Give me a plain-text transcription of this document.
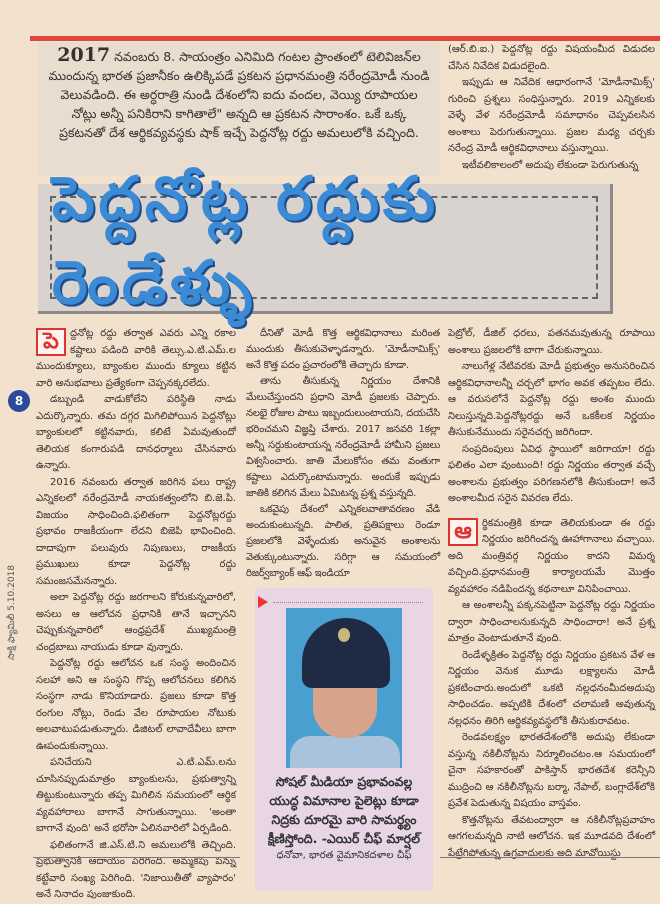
2017 నవంబరు 8. సాయంత్రం ఎనిమిది గంటల ప్రాంతంలో టెలివిజన్‌ల ముందున్న భారత ప్రజానీకం ఉలిక్కిపడే ప్రకటన ప్రధానమంత్రి నరేంద్రమోడీ నుండి వెలువడింది. ఈ అర్ధరాత్రి నుండి దేశంలోని ఐదు వందల, వెయ్యి రూపాయల నోట్లు అన్నీ పనికిరాని కాగితాలే" అన్నది ఆ ప్రకటన సారాంశం. ఒకే ఒక్క ప్రకటనతో దేశ ఆర్థికవ్యవస్థకు షాక్ ఇచ్చే పెద్దనోట్ల రద్దు అమలులోకి వచ్చింది.

(ఆర్.బి.ఐ.) పెద్దనోట్ల రద్దు విషయంమీద విడుదల చేసిన నివేదిక విడుదలైంది.

ఇప్పుడు ఆ నివేదిక ఆధారంగానే 'మోడీనామిక్స్' గురించి ప్రశ్నలు సంధిస్తున్నారు. 2019 ఎన్నికలకు వెళ్ళే వేళ నరేంద్రమోడీ సమాధానం చెప్పవలసిన అంశాలు పెరుగుతున్నాయి. ప్రజల మధ్య చర్చకు నరేంద్ర మోడీ ఆర్థికవిధానాలు వస్తున్నాయి.

ఇటీవలికాలంలో అదుపు లేకుండా పెరుగుతున్న

పెద్దనోట్ల రద్దుకు రెండేళ్ళు
సాక్షి ఫ్యామిలీ 5.10.2018
8

పె	ద్దనోట్ల రద్దు తర్వాత ఎవరు ఎన్ని రకాల కష్టాలు పడింది వారికి తెల్సు.ఎ.టి.ఎమ్.ల ముందుక్యూలు, బ్యాంకుల ముందు క్యూలు కట్టిన వారి అనుభవాలు ప్రత్యేకంగా చెప్పనక్కరలేదు.

డబ్బుండి వాడుకోలేని పరిస్థితి నాడు ఎదుర్కొన్నారు. తమ దగ్గర మిగిలిపోయిన పెద్దనోట్లు బ్యాంకులలో కట్టినవారు, కలిటే ఏమవుతుందో తెలియక కంగారుపడి దానధర్మాలు చేసినవారు ఉన్నారు.

2016 నవంబరు తర్వాత జరిగిన పలు రాష్ట్ర ఎన్నికలలో నరేంద్రమోడీ నాయకత్వంలోని బి.జె.పి. విజయం సాధించింది.ఫలితంగా పెద్దనోట్లరద్దు ప్రభావం రాజకీయంగా లేదని బిజెపి భావించింది. దాదాపుగా పలువురు నిపుణులు, రాజకీయ ప్రముఖులు కూడా పెద్దనోట్ల రద్దు సమంజసమేనన్నారు.

అలా పెద్దనోట్ల రద్దు జరగాలని కోరుకున్నవారిలో, అసలు ఆ ఆలోచన ప్రధానికి తానే ఇచ్చానని చెప్పుకున్నవారిలో ఆంధ్రప్రదేశ్ ముఖ్యమంత్రి చంద్రబాబు నాయుడు కూడా వున్నారు.

పెద్దనోట్ల రద్దు ఆలోచన ఒక సంస్థ అందించిన సలహా అని ఆ సంస్థని గొప్ప ఆలోచనలు కలిగిన సంస్థగా నాడు కొనియాడారు. ప్రజలు కూడా కొత్త రంగుల నోట్లు, రెండు వేల రూపాయల నోటుకు అలవాటుపడుతున్నారు. డిజిటల్ లావాదేవీలు బాగా ఊపందుకున్నాయి.

పనిచేయని ఎ.టి.ఎమ్.లను చూసినప్పుడుమాత్రం బ్యాంకులను, ప్రభుత్వాన్ని తిట్టుకుంటున్నారు తప్ప మిగిలిన సమయంలో ఆర్థిక వ్యవహారాలు బాగానే సాగుతున్నాయి. 'అంతా బాగానే వుంది' అనే భరోసా ఏలినవారిలో ఏర్పడింది.

ఫలితంగానే జి.ఎస్.టి.ని అమలులోకి తెచ్చింది. ప్రభుత్వానికి ఆదాయం పెరిగింది. అమ్మకపు పన్ను కట్టేవారి సంఖ్య పెరిగింది. 'నిజాయితీతో వ్యాపారం' అనే నినాదం పుంజుకుంది.

దీనితో మోడీ కొత్త ఆర్థికవిధానాలు మరింత ముందుకు తీసుకువెళ్ళాడన్నారు. 'మోడీనామిక్స్' అనే కొత్త పదం ప్రచారంలోకి తెచ్చారు కూడా.

తాను తీసుకున్న నిర్ణయం దేశానికి మేలుచేస్తుందని ప్రధాని మోడీ ప్రజలకు చెప్పారు. నలభై రోజుల పాటు ఇబ్బందులుంటాయని, దయచేసి భరించమని విజ్ఞప్తి చేశారు. 2017 జనవరి 1కల్లా అన్నీ సర్దుకుంటాయన్న నరేంద్రమోడీ హామీని ప్రజలు విశ్వసించారు. జాతి మేలుకోసం తమ వంతుగా కష్టాలు ఎదుర్కొంటామన్నారు. అందుకే ఇప్పుడు జాతికి కలిగిన మేలు ఏమిటన్న ప్రశ్న వస్తున్నది.

ఒకవైపు దేశంలో ఎన్నికలవాతావరణం వేడి అందుకుంటున్నది. పాలిత, ప్రతిపక్షాలు రెండూ ప్రజలలోకి వెళ్ళేందుకు అనువైన అంశాలను వెతుక్కుంటున్నారు. సరిగ్గా ఆ సమయంలో రిజర్వ్‌బ్యాంక్ ఆఫ్ ఇండియా

సోషల్ మీడియా ప్రభావంవల్ల యుద్ధ విమానాల పైలెట్లు కూడా నిద్రకు దూరమై వారి సామర్థ్యం క్షీణిస్తోంది. -ఎయిర్ చీఫ్ మార్షల్
ధనోవా, భారత వైమానికదళాల చీఫ్

పెట్రోల్, డీజిల్ ధరలు, పతనమవుతున్న రూపాయి అంశాలు ప్రజలలోకి బాగా చేరుకున్నాయి.

నాలుగేళ్ల నేటివరకు మోడీ ప్రభుత్వం అనుసరించిన ఆర్థికవిధానాలన్నీ చర్చలో భాగం అవక తప్పటం లేదు. ఆ వరుసలోనే పెద్దనోట్ల రద్దు అంశం ముందు నిలుస్తున్నది.పెద్దనోట్లరద్దు అనే ఒకకీలక నిర్ణయం తీసుకునేముందు సరైనచర్చ జరిగిందా.

సంప్రదింపులు ఏవిధ స్థాయిలో జరిగాయా! రద్దు ఫలితం ఎలా వుంటుంది! రద్దు నిర్ణయం తర్వాత వచ్చే అంశాలను ప్రభుత్వం పరిగణనలోకి తీసుకుందా! అనే అంశాలమీద సరైన వివరణ లేదు.

ఆ	ర్థికమంత్రికి కూడా తెలియకుండా ఈ రద్దు నిర్ణయం జరిగిందన్న ఊహాగానాలు వచ్చాయి. అది మంత్రివర్గ నిర్ణయం కాదని విమర్శ వచ్చింది.ప్రధానమంత్రి కార్యాలయమే మొత్తం వ్యవహారం నడిపిందన్న కథనాలూ వినిపించాయి.

ఆ అంశాలన్నీ పక్కనపెట్టినా పెద్దనోట్ల రద్దు నిర్ణయం ద్వారా సాధించాలనుకున్నది సాధించారా! అనే ప్రశ్న మాత్రం వెంటాడుతూనే వుంది.

రెండేళ్ళక్రితం పెద్దనోట్ల రద్దు నిర్ణయం ప్రకటన వేళ ఆ నిర్ణయం వెనుక మూడు లక్ష్యాలను మోడీ ప్రకటించారు.అందులో ఒకటి నల్లధనంమీదఅదుపు సాధించడం. అప్పటికి దేశంలో చలామణి అవుతున్న నల్లధనం తిరిగి ఆర్థికవ్యవస్థలోకి తీసుకురావటం.

రెండవలక్ష్యం భారతదేశంలోకి అదుపు లేకుండా వస్తున్న నకిలీనోట్లను నిర్మూలించటం.ఆ సమయంలో చైనా సహకారంతో పాకిస్తాన్ భారతదేశ కరెన్సీని ముద్రించి ఆ నకిలీనోట్లను బర్మా, నేపాల్, బంగ్లాదేశ్‌లోకి ప్రవేశ పెడుతున్న విషయం వాస్తవం.

కొత్తనోట్లను తేవటంద్వారా ఆ నకిలీనోట్లప్రవాహం ఆగగలమన్నది నాటి ఆలోచన. ఇక మూడవది దేశంలో పేట్రేగిపోతున్న ఉగ్రవాదులకు అది మావోయిస్టు
